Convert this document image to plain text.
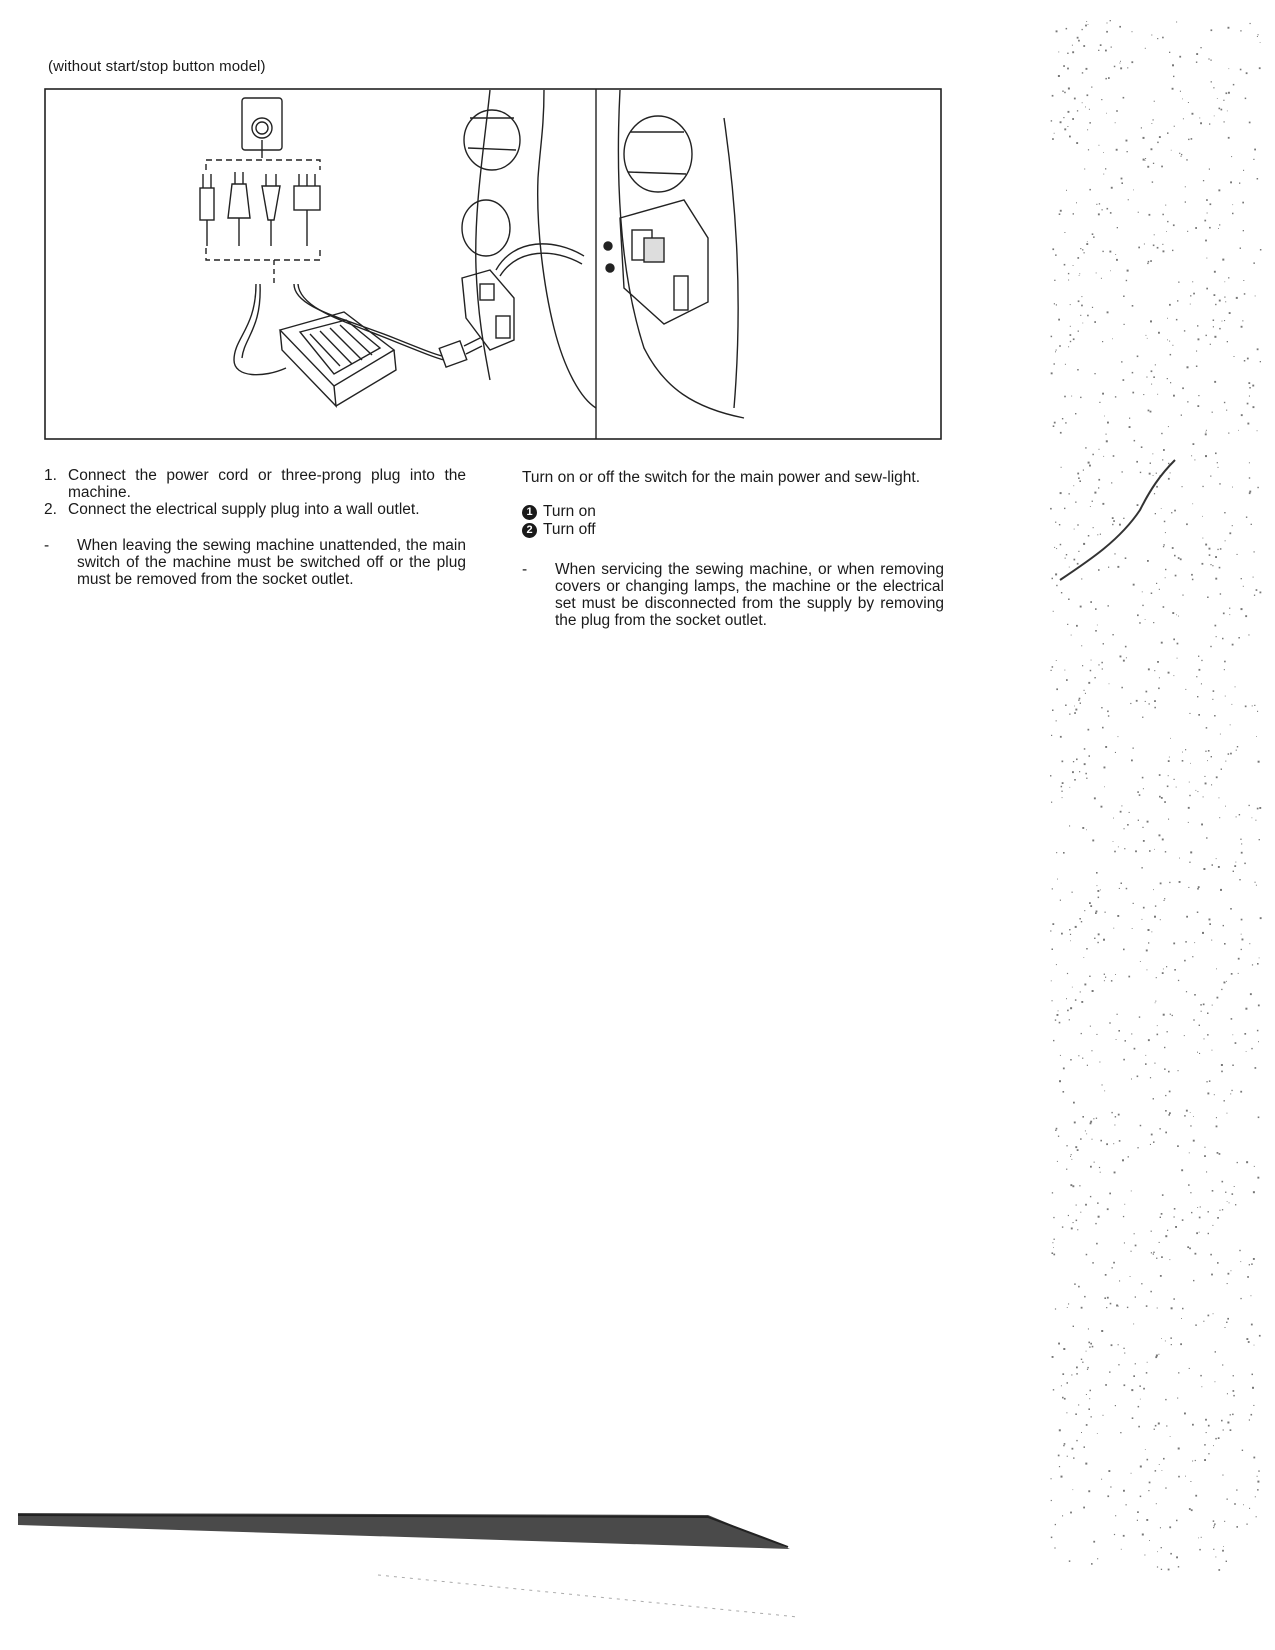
(without start/stop button model)
1. Connect the power cord or three-prong plug into the machine.
2. Connect the electrical supply plug into a wall outlet.
- When leaving the sewing machine unattended, the main switch of the machine must be switched off or the plug must be removed from the socket outlet.
Turn on or off the switch for the main power and sew-light.
1 Turn on
2 Turn off
- When servicing the sewing machine, or when removing covers or changing lamps, the machine or the electrical set must be disconnected from the supply by removing the plug from the socket outlet.
